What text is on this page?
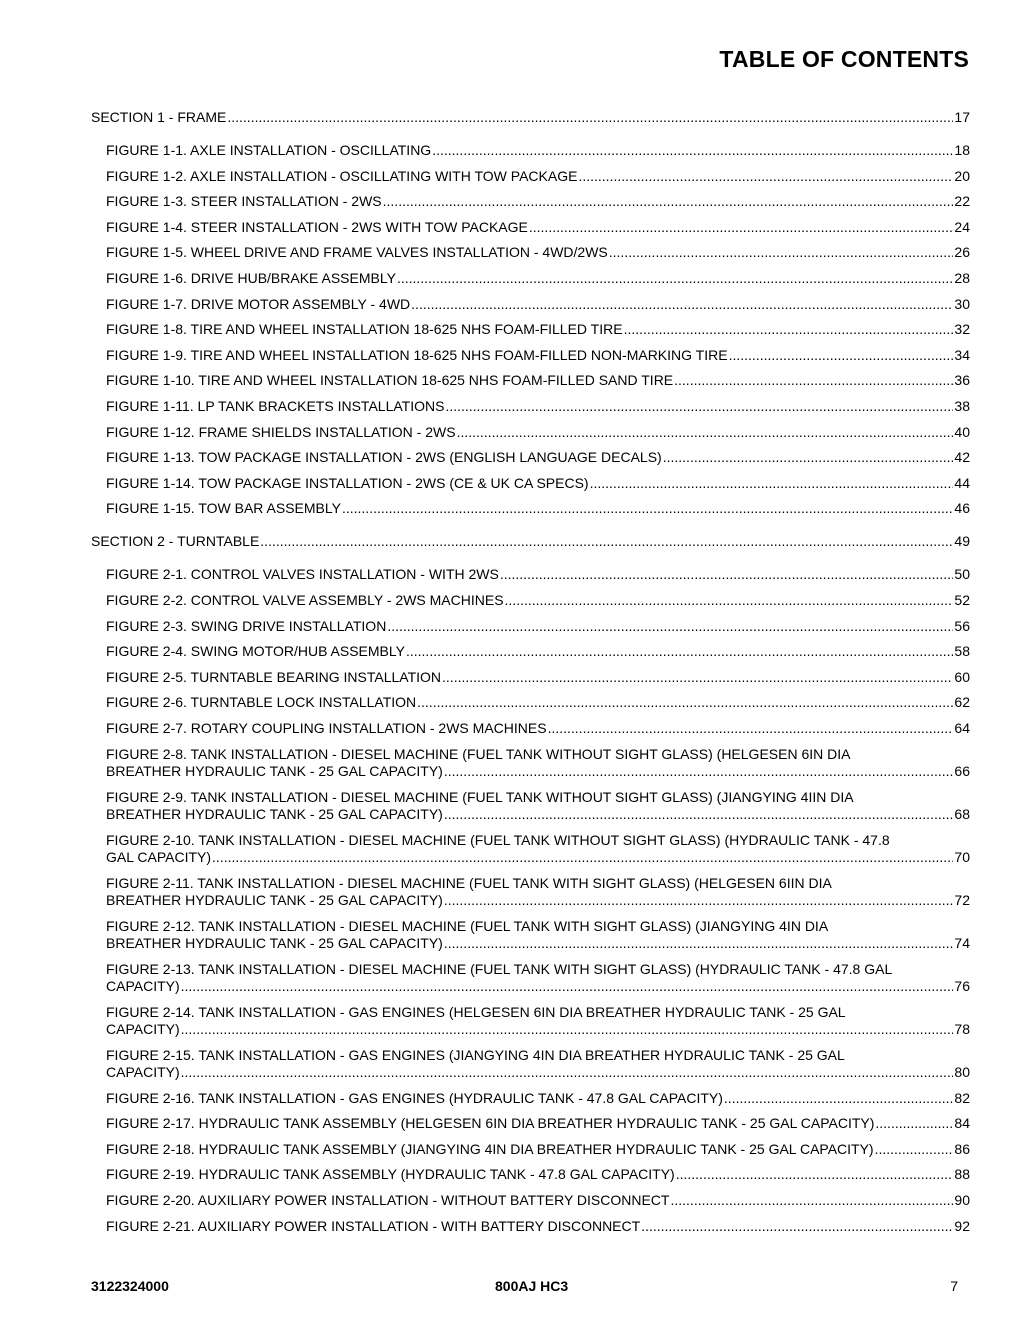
TABLE OF CONTENTS
SECTION 1 - FRAME .....	17
FIGURE 1-1. AXLE INSTALLATION - OSCILLATING .....	18
FIGURE 1-2. AXLE INSTALLATION - OSCILLATING WITH TOW PACKAGE .....	20
FIGURE 1-3. STEER INSTALLATION - 2WS .....	22
FIGURE 1-4. STEER INSTALLATION - 2WS WITH TOW PACKAGE .....	24
FIGURE 1-5. WHEEL DRIVE AND FRAME VALVES INSTALLATION - 4WD/2WS .....	26
FIGURE 1-6. DRIVE HUB/BRAKE ASSEMBLY .....	28
FIGURE 1-7. DRIVE MOTOR ASSEMBLY - 4WD .....	30
FIGURE 1-8. TIRE AND WHEEL INSTALLATION 18-625 NHS FOAM-FILLED TIRE .....	32
FIGURE 1-9. TIRE AND WHEEL INSTALLATION 18-625 NHS FOAM-FILLED NON-MARKING TIRE .....	34
FIGURE 1-10. TIRE AND WHEEL INSTALLATION 18-625 NHS FOAM-FILLED SAND TIRE .....	36
FIGURE 1-11. LP TANK BRACKETS INSTALLATIONS .....	38
FIGURE 1-12. FRAME SHIELDS INSTALLATION - 2WS .....	40
FIGURE 1-13. TOW PACKAGE INSTALLATION - 2WS (ENGLISH LANGUAGE DECALS) .....	42
FIGURE 1-14. TOW PACKAGE INSTALLATION - 2WS (CE & UK CA SPECS) .....	44
FIGURE 1-15. TOW BAR ASSEMBLY .....	46
SECTION 2 - TURNTABLE .....	49
FIGURE 2-1. CONTROL VALVES INSTALLATION - WITH 2WS .....	50
FIGURE 2-2. CONTROL VALVE ASSEMBLY - 2WS MACHINES .....	52
FIGURE 2-3. SWING DRIVE INSTALLATION .....	56
FIGURE 2-4. SWING MOTOR/HUB ASSEMBLY .....	58
FIGURE 2-5. TURNTABLE BEARING INSTALLATION .....	60
FIGURE 2-6. TURNTABLE LOCK INSTALLATION .....	62
FIGURE 2-7. ROTARY COUPLING INSTALLATION - 2WS MACHINES .....	64
FIGURE 2-8. TANK INSTALLATION - DIESEL MACHINE (FUEL TANK WITHOUT SIGHT GLASS) (HELGESEN 6IN DIA
BREATHER HYDRAULIC TANK - 25 GAL CAPACITY) .....	66
FIGURE 2-9. TANK INSTALLATION - DIESEL MACHINE (FUEL TANK WITHOUT SIGHT GLASS) (JIANGYING 4IIN DIA
BREATHER HYDRAULIC TANK - 25 GAL CAPACITY) .....	68
FIGURE 2-10. TANK INSTALLATION - DIESEL MACHINE (FUEL TANK WITHOUT SIGHT GLASS) (HYDRAULIC TANK - 47.8
GAL CAPACITY) .....	70
FIGURE 2-11. TANK INSTALLATION - DIESEL MACHINE (FUEL TANK WITH SIGHT GLASS) (HELGESEN 6IIN DIA
BREATHER HYDRAULIC TANK - 25 GAL CAPACITY) .....	72
FIGURE 2-12. TANK INSTALLATION - DIESEL MACHINE (FUEL TANK WITH SIGHT GLASS) (JIANGYING 4IN DIA
BREATHER HYDRAULIC TANK - 25 GAL CAPACITY) .....	74
FIGURE 2-13. TANK INSTALLATION - DIESEL MACHINE (FUEL TANK WITH SIGHT GLASS) (HYDRAULIC TANK - 47.8 GAL
CAPACITY) .....	76
FIGURE 2-14. TANK INSTALLATION - GAS ENGINES (HELGESEN 6IN DIA BREATHER HYDRAULIC TANK - 25 GAL
CAPACITY) .....	78
FIGURE 2-15. TANK INSTALLATION - GAS ENGINES (JIANGYING 4IN DIA BREATHER HYDRAULIC TANK - 25 GAL
CAPACITY) .....	80
FIGURE 2-16. TANK INSTALLATION - GAS ENGINES (HYDRAULIC TANK - 47.8 GAL CAPACITY) .....	82
FIGURE 2-17. HYDRAULIC TANK ASSEMBLY (HELGESEN 6IN DIA BREATHER HYDRAULIC TANK - 25 GAL CAPACITY) .....	84
FIGURE 2-18. HYDRAULIC TANK ASSEMBLY (JIANGYING 4IN DIA BREATHER HYDRAULIC TANK - 25 GAL CAPACITY) .....	86
FIGURE 2-19. HYDRAULIC TANK ASSEMBLY (HYDRAULIC TANK - 47.8 GAL CAPACITY) .....	88
FIGURE 2-20. AUXILIARY POWER INSTALLATION - WITHOUT BATTERY DISCONNECT .....	90
FIGURE 2-21. AUXILIARY POWER INSTALLATION - WITH BATTERY DISCONNECT .....	92
3122324000	800AJ HC3	7
